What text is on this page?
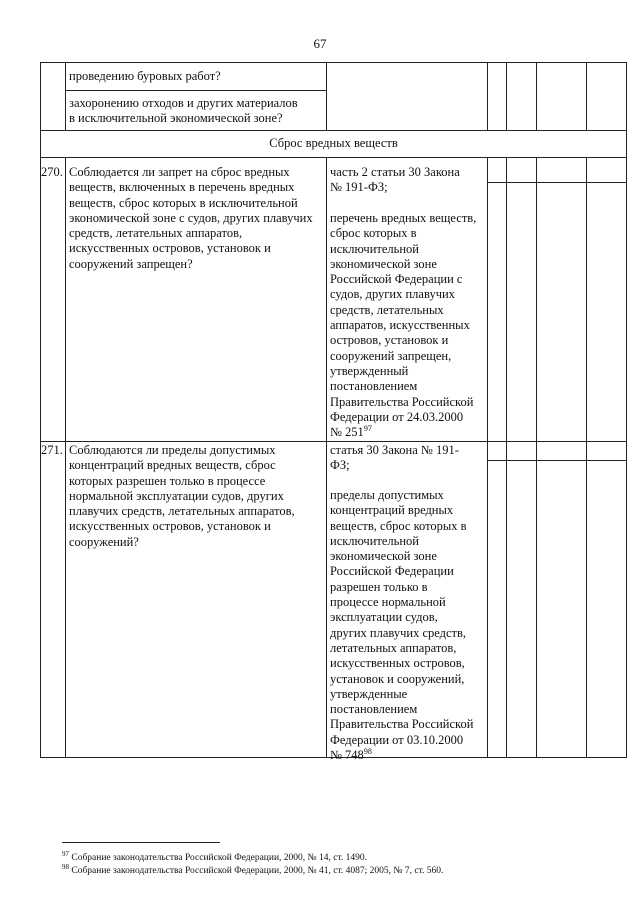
67
проведению буровых работ?
захоронению отходов и других материалов
в исключительной экономической зоне?
Сброс вредных веществ
270. Соблюдается ли запрет на сброс вредных
веществ, включенных в перечень вредных
веществ, сброс которых в исключительной
экономической зоне с судов, других плавучих
средств, летательных аппаратов,
искусственных островов, установок и
сооружений запрещен?
часть 2 статьи 30 Закона
№ 191-ФЗ;
перечень вредных веществ,
сброс которых в
исключительной
экономической зоне
Российской Федерации с
судов, других плавучих
средств, летательных
аппаратов, искусственных
островов, установок и
сооружений запрещен,
утвержденный
постановлением
Правительства Российской
Федерации от 24.03.2000
№ $251^{97}$
271. Соблюдаются ли пределы допустимых
концентраций вредных веществ, сброс
которых разрешен только в процессе
нормальной эксплуатации судов, других
плавучих средств, летательных аппаратов,
искусственных островов, установок и
сооружений?
статья 30 Закона № 191-
ФЗ;
пределы допустимых
концентраций вредных
веществ, сброс которых в
исключительной
экономической зоне
Российской Федерации
разрешен только в
процессе нормальной
эксплуатации судов,
других плавучих средств,
летательных аппаратов,
искусственных островов,
установок и сооружений,
утвержденные
постановлением
Правительства Российской
Федерации от 03.10.2000
№ $748^{98}$
$^{97}$ Собрание законодательства Российской Федерации, 2000, № 14, ст. 1490.
$^{98}$ Собрание законодательства Российской Федерации, 2000, № 41, ст. 4087; 2005, № 7, ст. 560.
